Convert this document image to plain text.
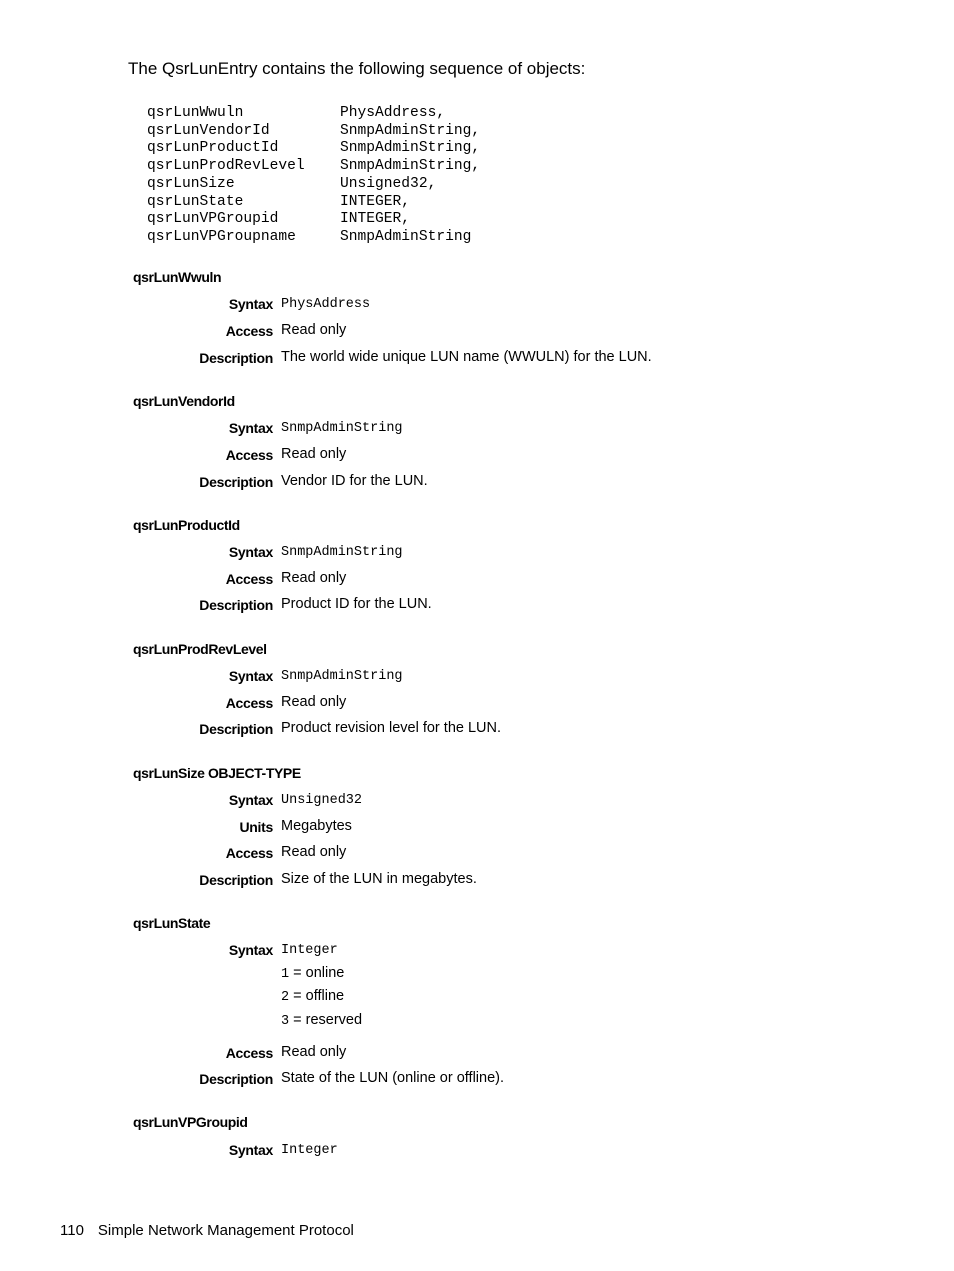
The QsrLunEntry contains the following sequence of objects:

qsrLunWwuln	PhysAddress,
qsrLunVendorId	SnmpAdminString,
qsrLunProductId	SnmpAdminString,
qsrLunProdRevLevel	SnmpAdminString,
qsrLunSize	Unsigned32,
qsrLunState	INTEGER,
qsrLunVPGroupid	INTEGER,
qsrLunVPGroupname	SnmpAdminString
qsrLunWwuln
Syntax PhysAddress
Access Read only
Description The world wide unique LUN name (WWULN) for the LUN.
qsrLunVendorId
Syntax SnmpAdminString
Access Read only
Description Vendor ID for the LUN.
qsrLunProductId
Syntax SnmpAdminString
Access Read only
Description Product ID for the LUN.
qsrLunProdRevLevel
Syntax SnmpAdminString
Access Read only
Description Product revision level for the LUN.
qsrLunSize OBJECT-TYPE
Syntax Unsigned32
Units Megabytes
Access Read only
Description Size of the LUN in megabytes.
qsrLunState
Syntax Integer
1 = online
2 = offline
3 = reserved
Access Read only
Description State of the LUN (online or offline).
qsrLunVPGroupid
Syntax Integer
110 Simple Network Management Protocol
